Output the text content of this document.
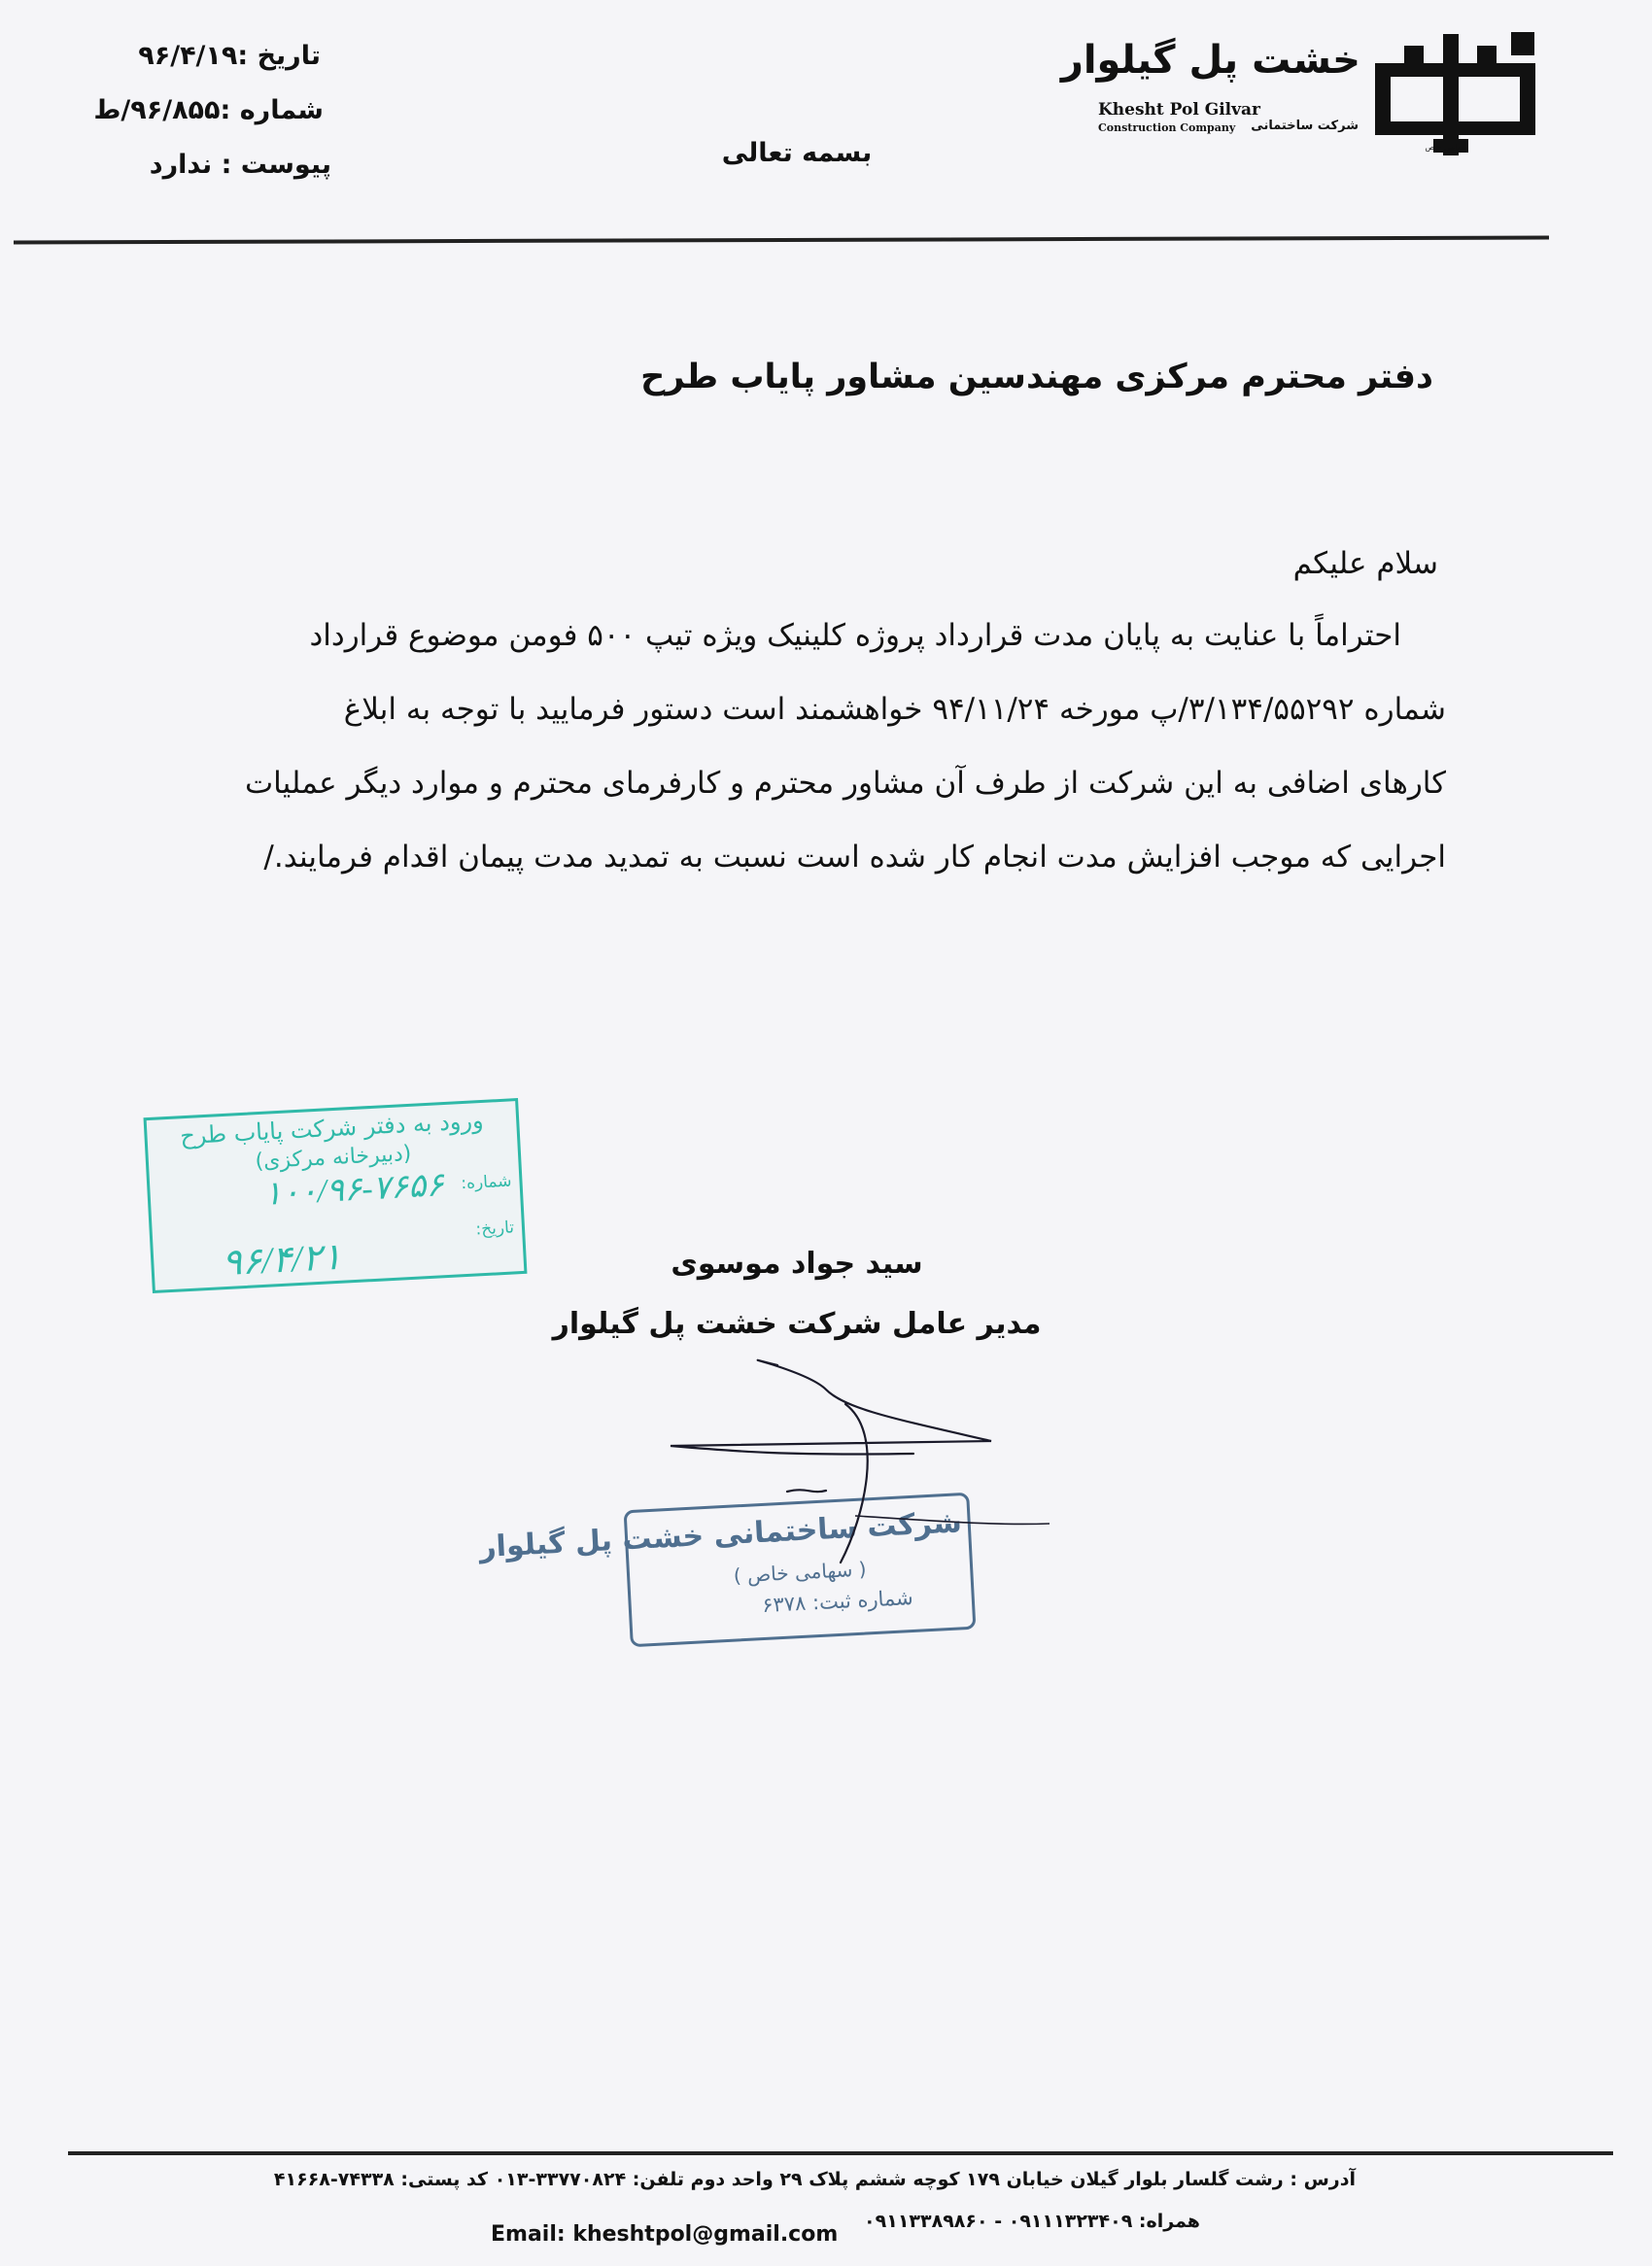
خشت پل گیلوار
Khesht Pol Gilvar
Construction Company شرکت ساختمانی
سهامی خاص
تاریخ :۹۶/۴/۱۹
شماره :۹۶/۸۵۵/ط
پیوست : ندارد	بسمه تعالی
دفتر محترم مرکزی مهندسین مشاور پایاب طرح
سلام علیکم
احتراماً با عنایت به پایان مدت قرارداد پروژه کلینیک ویژه تیپ ۵۰۰ فومن موضوع قرارداد
شماره ۳/۱۳۴/۵۵۲۹۲/پ مورخه ۹۴/۱۱/۲۴ خواهشمند است دستور فرمایید با توجه به ابلاغ
کارهای اضافی به این شرکت از طرف آن مشاور محترم و کارفرمای محترم و موارد دیگر عملیات
اجرایی که موجب افزایش مدت انجام کار شده است نسبت به تمدید مدت پیمان اقدام فرمایند./
ورود به دفتر شرکت پایاب طرح
(دبیرخانه مرکزی)
شماره:
۱۰۰/۹۶-۷۶۵۶
تاریخ:
۹۶/۴/۲۱	سید جواد موسوی
مدیر عامل شرکت خشت پل گیلوار
شرکت ساختمانی خشت پل گیلوار
( سهامی خاص )
شماره ثبت: ۶۳۷۸
آدرس : رشت گلسار بلوار گیلان خیابان ۱۷۹ کوچه ششم پلاک ۲۹ واحد دوم تلفن: ۳۳۷۷۰۸۲۴-۰۱۳ کد پستی: ۷۴۳۳۸-۴۱۶۶۸
همراه: ۰۹۱۱۱۳۲۳۴۰۹ - ۰۹۱۱۳۳۸۹۸۶۰
Email: kheshtpol@gmail.com
